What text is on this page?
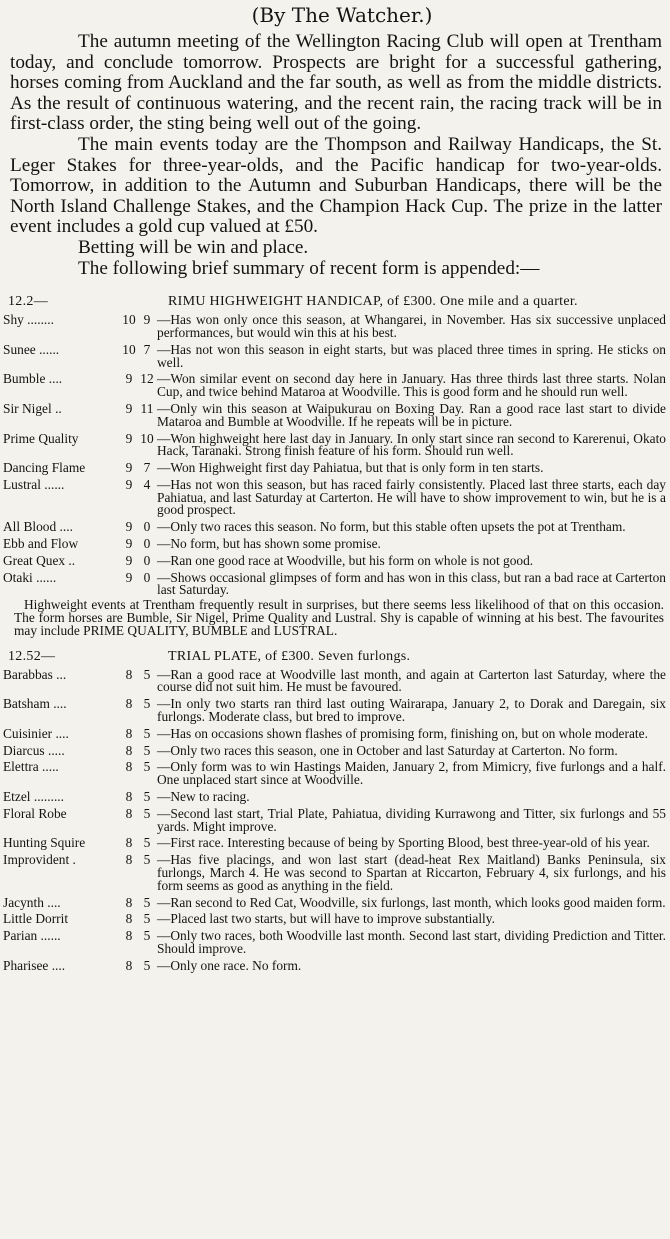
(By The Watcher.)

The autumn meeting of the Wellington Racing Club will open at Trentham today, and conclude tomorrow. Prospects are bright for a successful gathering, horses coming from Auckland and the far south, as well as from the middle districts. As the result of continuous watering, and the recent rain, the racing track will be in first-class order, the sting being well out of the going.

The main events today are the Thompson and Railway Handicaps, the St. Leger Stakes for three-year-olds, and the Pacific handicap for two-year-olds. Tomorrow, in addition to the Autumn and Suburban Handicaps, there will be the North Island Challenge Stakes, and the Champion Hack Cup. The prize in the latter event includes a gold cup valued at £50.

Betting will be win and place.

The following brief summary of recent form is appended:—

12.2—	RIMU HIGHWEIGHT HANDICAP, of £300. One mile and a quarter.
Shy ........	10 9 —Has won only once this season, at Whangarei, in November. Has six successive unplaced performances, but would win this at his best.
Sunee ......	10 7 —Has not won this season in eight starts, but was placed three times in spring. He sticks on well.
Bumble ....	9 12 —Won similar event on second day here in January. Has three thirds last three starts. Nolan Cup, and twice behind Mataroa at Woodville. This is good form and he should run well.
Sir Nigel ..	9 11 —Only win this season at Waipukurau on Boxing Day. Ran a good race last start to divide Mataroa and Bumble at Woodville. If he repeats will be in picture.
Prime Quality	9 10 —Won highweight here last day in January. In only start since ran second to Karerenui, Okato Hack, Taranaki. Strong finish feature of his form. Should run well.
Dancing Flame	9 7 —Won Highweight first day Pahiatua, but that is only form in ten starts.
Lustral ......	9 4 —Has not won this season, but has raced fairly consistently. Placed last three starts, each day Pahiatua, and last Saturday at Carterton. He will have to show improvement to win, but he is a good prospect.
All Blood ....	9 0 —Only two races this season. No form, but this stable often upsets the pot at Trentham.
Ebb and Flow	9 0 —No form, but has shown some promise.
Great Quex ..	9 0 —Ran one good race at Woodville, but his form on whole is not good.
Otaki ......	9 0 —Shows occasional glimpses of form and has won in this class, but ran a bad race at Carterton last Saturday.

Highweight events at Trentham frequently result in surprises, but there seems less likelihood of that on this occasion. The form horses are Bumble, Sir Nigel, Prime Quality and Lustral. Shy is capable of winning at his best. The favourites may include PRIME QUALITY, BUMBLE and LUSTRAL.

12.52—	TRIAL PLATE, of £300. Seven furlongs.
Barabbas ...	8 5 —Ran a good race at Woodville last month, and again at Carterton last Saturday, where the course did not suit him. He must be favoured.
Batsham ....	8 5 —In only two starts ran third last outing Wairarapa, January 2, to Dorak and Daregain, six furlongs. Moderate class, but bred to improve.
Cuisinier ....	8 5 —Has on occasions shown flashes of promising form, finishing on, but on whole moderate.
Diarcus .....	8 5 —Only two races this season, one in October and last Saturday at Carterton. No form.
Elettra .....	8 5 —Only form was to win Hastings Maiden, January 2, from Mimicry, five furlongs and a half. One unplaced start since at Woodville.
Etzel .........	8 5 —New to racing.
Floral Robe	8 5 —Second last start, Trial Plate, Pahiatua, dividing Kurrawong and Titter, six furlongs and 55 yards. Might improve.
Hunting Squire	8 5 —First race. Interesting because of being by Sporting Blood, best three-year-old of his year.
Improvident .	8 5 —Has five placings, and won last start (dead-heat Rex Maitland) Banks Peninsula, six furlongs, March 4. He was second to Spartan at Riccarton, February 4, six furlongs, and his form seems as good as anything in the field.
Jacynth ....	8 5 —Ran second to Red Cat, Woodville, six furlongs, last month, which looks good maiden form.
Little Dorrit	8 5 —Placed last two starts, but will have to improve substantially.
Parian ......	8 5 —Only two races, both Woodville last month. Second last start, dividing Prediction and Titter. Should improve.
Pharisee ....	8 5 —Only one race. No form.
